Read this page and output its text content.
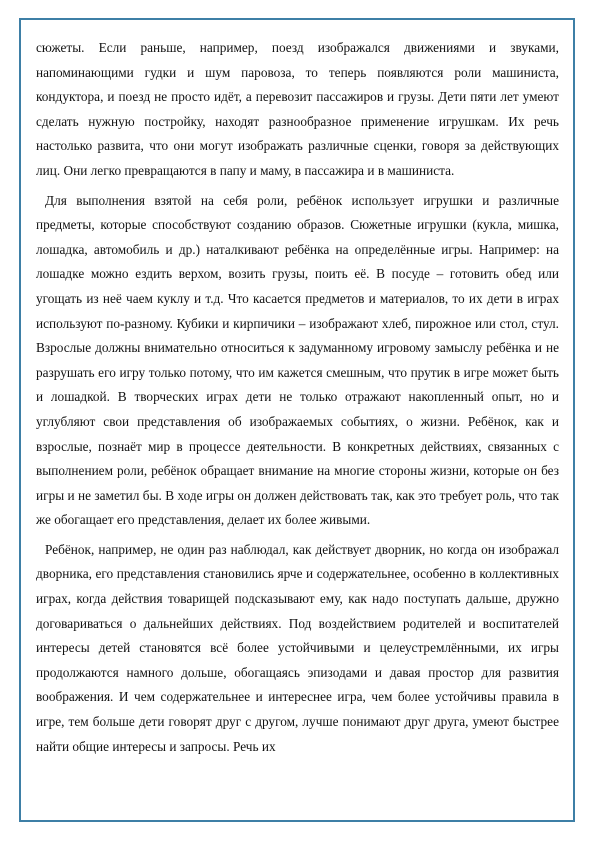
сюжеты. Если раньше, например, поезд изображался движениями и звуками, напоминающими гудки и шум паровоза, то теперь появляются роли машиниста, кондуктора, и поезд не просто идёт, а перевозит пассажиров и грузы. Дети пяти лет умеют сделать нужную постройку, находят разнообразное применение игрушкам. Их речь настолько развита, что они могут изображать различные сценки, говоря за действующих лиц. Они легко превращаются в папу и маму, в пассажира и в машиниста.

Для выполнения взятой на себя роли, ребёнок использует игрушки и различные предметы, которые способствуют созданию образов. Сюжетные игрушки (кукла, мишка, лошадка, автомобиль и др.) наталкивают ребёнка на определённые игры. Например: на лошадке можно ездить верхом, возить грузы, поить её. В посуде – готовить обед или угощать из неё чаем куклу и т.д. Что касается предметов и материалов, то их дети в играх используют по-разному. Кубики и кирпичики – изображают хлеб, пирожное или стол, стул. Взрослые должны внимательно относиться к задуманному игровому замыслу ребёнка и не разрушать его игру только потому, что им кажется смешным, что прутик в игре может быть и лошадкой. В творческих играх дети не только отражают накопленный опыт, но и углубляют свои представления об изображаемых событиях, о жизни. Ребёнок, как и взрослые, познаёт мир в процессе деятельности. В конкретных действиях, связанных с выполнением роли, ребёнок обращает внимание на многие стороны жизни, которые он без игры и не заметил бы. В ходе игры он должен действовать так, как это требует роль, что так же обогащает его представления, делает их более живыми.

Ребёнок, например, не один раз наблюдал, как действует дворник, но когда он изображал дворника, его представления становились ярче и содержательнее, особенно в коллективных играх, когда действия товарищей подсказывают ему, как надо поступать дальше, дружно договариваться о дальнейших действиях. Под воздействием родителей и воспитателей интересы детей становятся всё более устойчивыми и целеустремлёнными, их игры продолжаются намного дольше, обогащаясь эпизодами и давая простор для развития воображения. И чем содержательнее и интереснее игра, чем более устойчивы правила в игре, тем больше дети говорят друг с другом, лучше понимают друг друга, умеют быстрее найти общие интересы и запросы. Речь их
